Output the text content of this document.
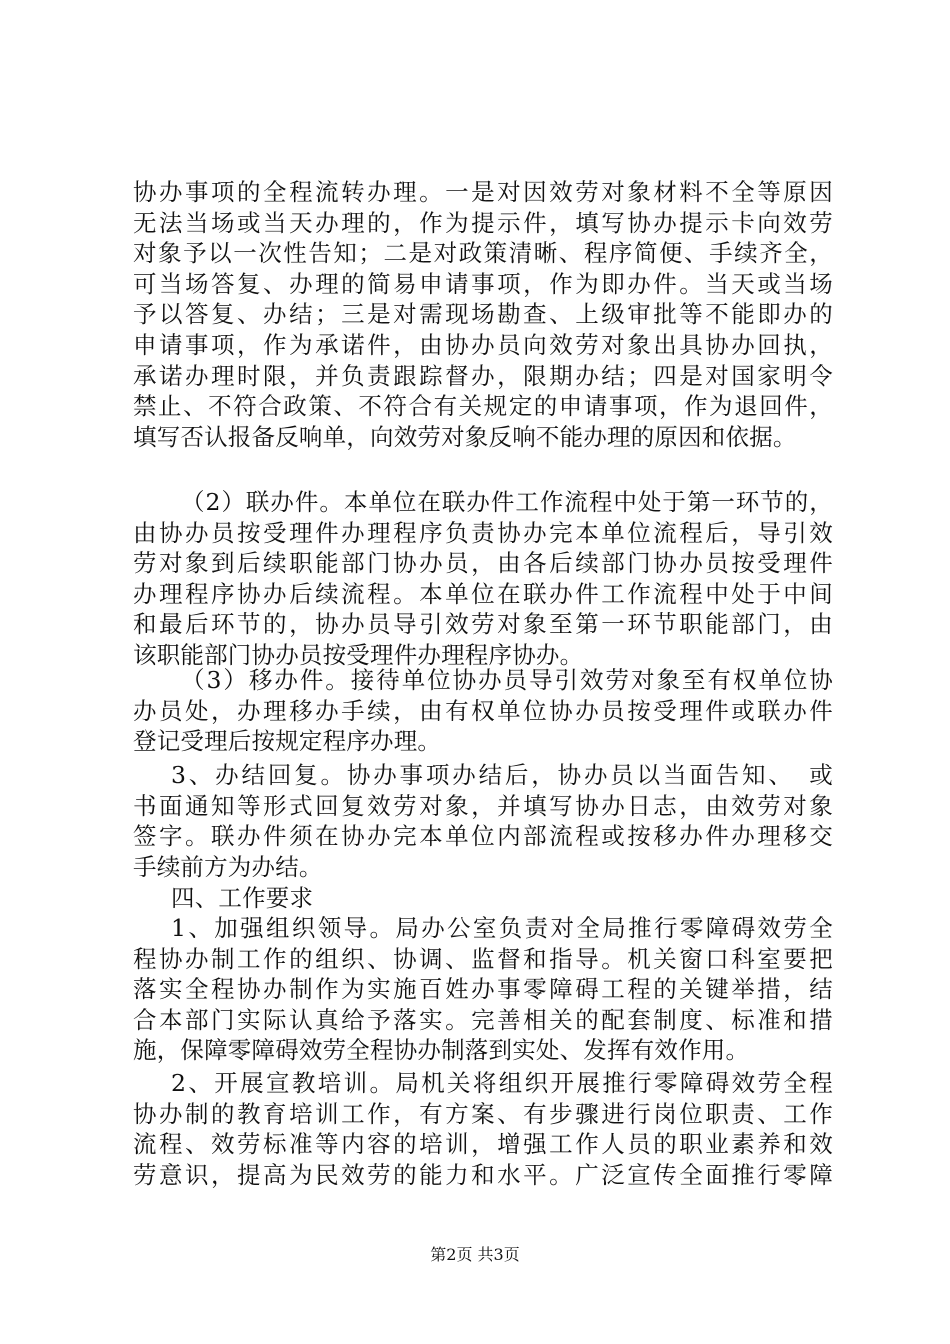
协办事项的全程流转办理。一是对因效劳对象材料不全等原因
无法当场或当天办理的，作为提示件，填写协办提示卡向效劳
对象予以一次性告知；二是对政策清晰、程序简便、手续齐全，
可当场答复、办理的简易申请事项，作为即办件。当天或当场
予以答复、办结；三是对需现场勘查、上级审批等不能即办的
申请事项，作为承诺件，由协办员向效劳对象出具协办回执，
承诺办理时限，并负责跟踪督办，限期办结；四是对国家明令
禁止、不符合政策、不符合有关规定的申请事项，作为退回件，
填写否认报备反响单，向效劳对象反响不能办理的原因和依据。
（2）联办件。本单位在联办件工作流程中处于第一环节的，
由协办员按受理件办理程序负责协办完本单位流程后，导引效
劳对象到后续职能部门协办员，由各后续部门协办员按受理件
办理程序协办后续流程。本单位在联办件工作流程中处于中间
和最后环节的，协办员导引效劳对象至第一环节职能部门，由
该职能部门协办员按受理件办理程序协办。
（3）移办件。接待单位协办员导引效劳对象至有权单位协
办员处，办理移办手续，由有权单位协办员按受理件或联办件
登记受理后按规定程序办理。
3、办结回复。协办事项办结后，协办员以当面告知、　或
书面通知等形式回复效劳对象，并填写协办日志，由效劳对象
签字。联办件须在协办完本单位内部流程或按移办件办理移交
手续前方为办结。
四、工作要求
1、加强组织领导。局办公室负责对全局推行零障碍效劳全
程协办制工作的组织、协调、监督和指导。机关窗口科室要把
落实全程协办制作为实施百姓办事零障碍工程的关键举措，结
合本部门实际认真给予落实。完善相关的配套制度、标准和措
施，保障零障碍效劳全程协办制落到实处、发挥有效作用。
2、开展宣教培训。局机关将组织开展推行零障碍效劳全程
协办制的教育培训工作，有方案、有步骤进行岗位职责、工作
流程、效劳标准等内容的培训，增强工作人员的职业素养和效
劳意识，提高为民效劳的能力和水平。广泛宣传全面推行零障
第2页 共3页
